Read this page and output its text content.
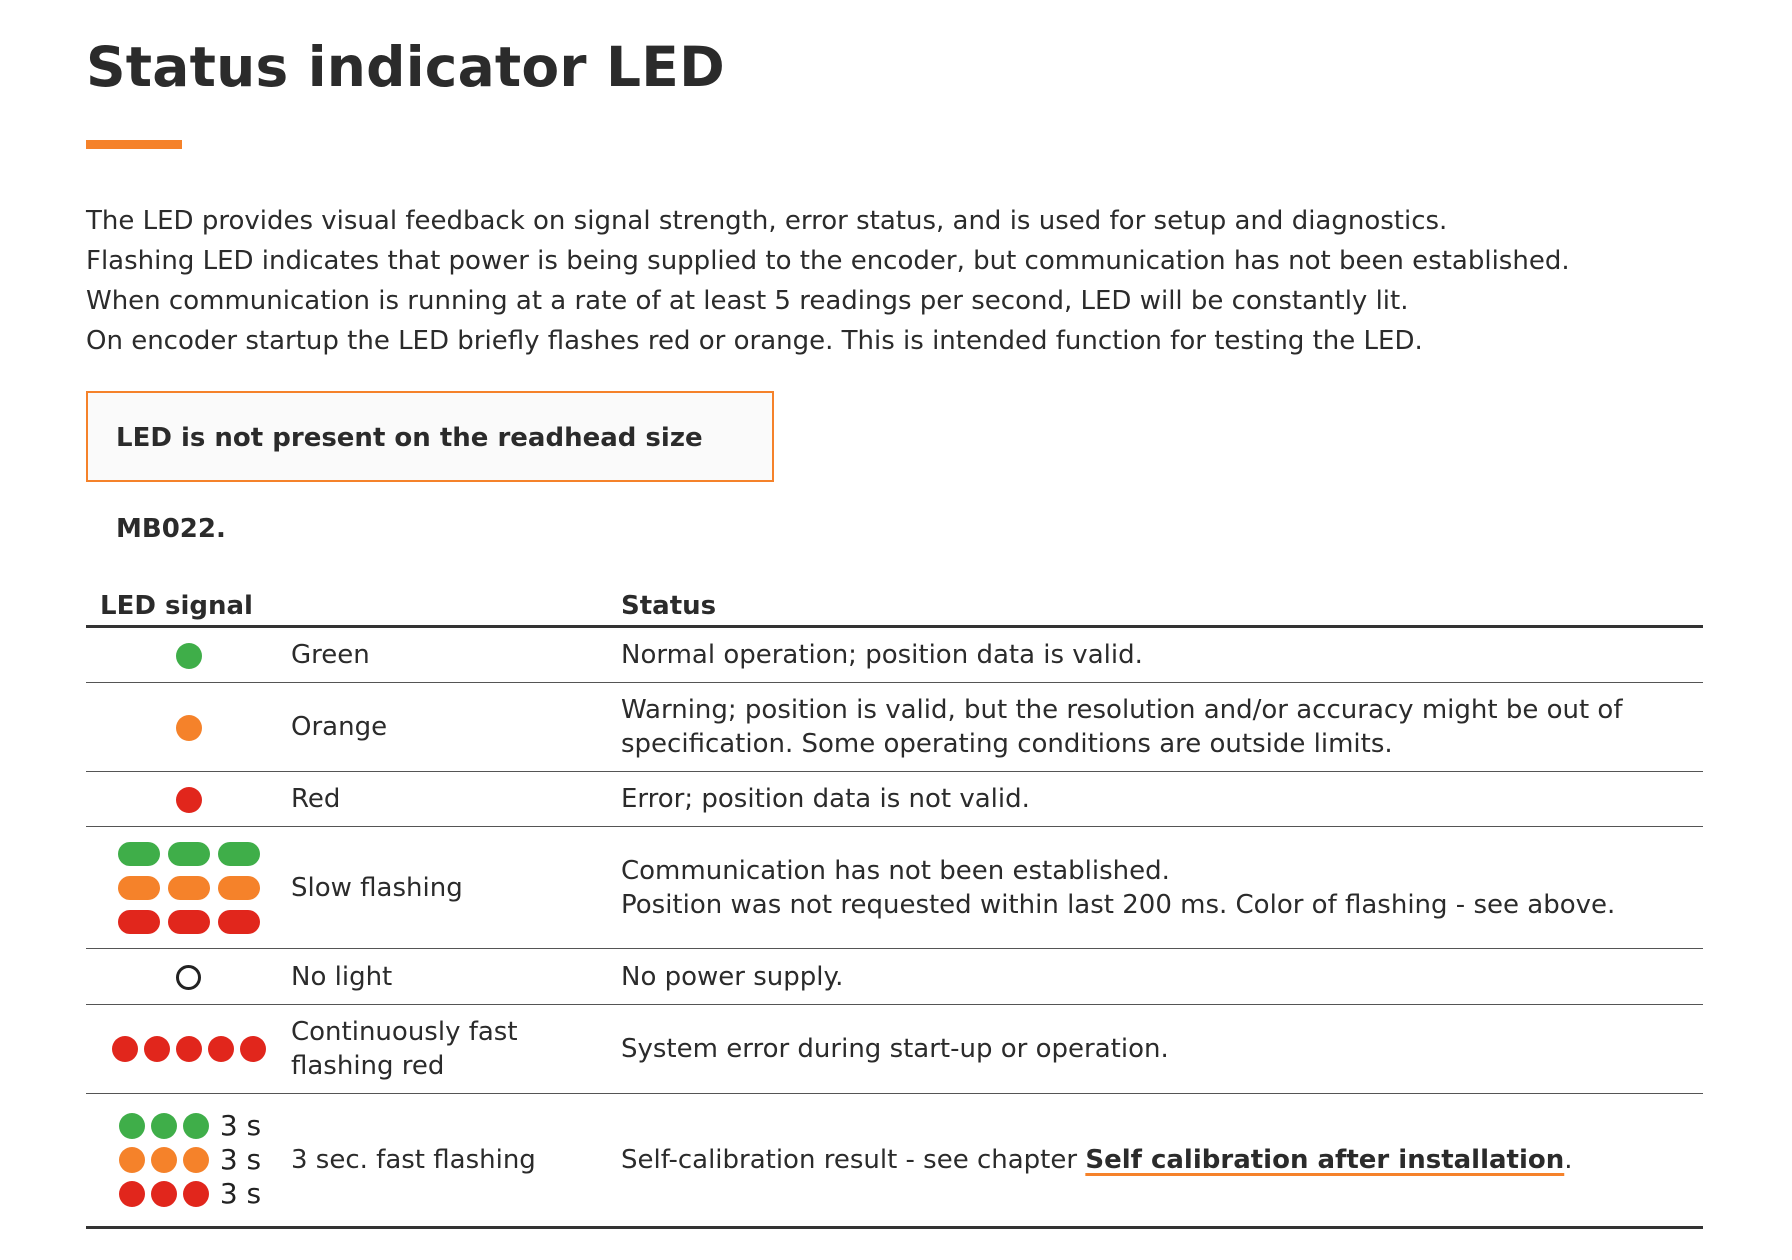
Status indicator LED

The LED provides visual feedback on signal strength, error status, and is used for setup and diagnostics.

Flashing LED indicates that power is being supplied to the encoder, but communication has not been established.

When communication is running at a rate of at least 5 readings per second, LED will be constantly lit.

On encoder startup the LED briefly flashes red or orange. This is intended function for testing the LED.

LED is not present on the readhead size MB022.
LED signal		Status
	Green	Normal operation; position data is valid.
	Orange	Warning; position is valid, but the resolution and/or accuracy might be out of
specification. Some operating conditions are outside limits.

	Red	Error; position data is not valid.

	Slow flashing	Communication has not been established.
Position was not requested within last 200 ms. Color of flashing - see above.

	No light	No power supply.

	Continuously fast
flashing red	System error during start-up or operation.

3 s
3 s
3 s	3 sec. fast flashing	Self-calibration result - see chapter Self calibration after installation.
